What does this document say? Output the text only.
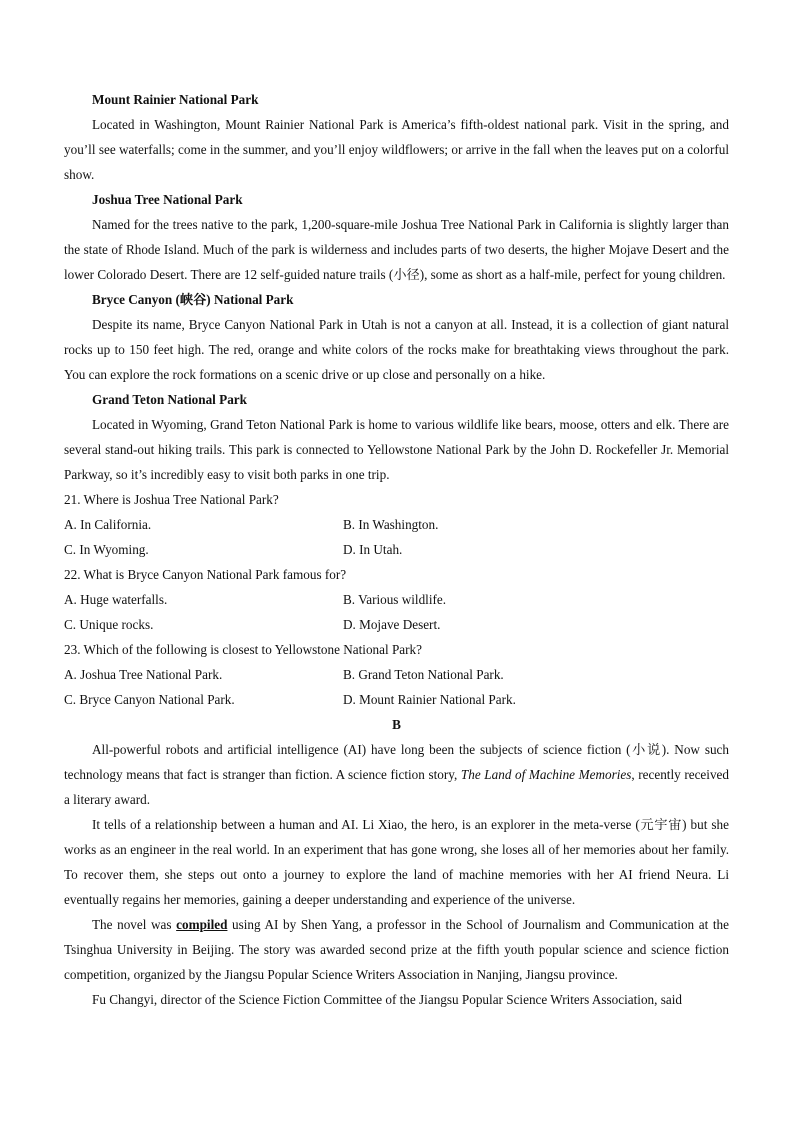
Mount Rainier National Park

Located in Washington, Mount Rainier National Park is America’s fifth-oldest national park. Visit in the spring, and you’ll see waterfalls; come in the summer, and you’ll enjoy wildflowers; or arrive in the fall when the leaves put on a colorful show.

Joshua Tree National Park

Named for the trees native to the park, 1,200-square-mile Joshua Tree National Park in California is slightly larger than the state of Rhode Island. Much of the park is wilderness and includes parts of two deserts, the higher Mojave Desert and the lower Colorado Desert. There are 12 self-guided nature trails (小径), some as short as a half-mile, perfect for young children.

Bryce Canyon (峡谷) National Park

Despite its name, Bryce Canyon National Park in Utah is not a canyon at all. Instead, it is a collection of giant natural rocks up to 150 feet high. The red, orange and white colors of the rocks make for breathtaking views throughout the park. You can explore the rock formations on a scenic drive or up close and personally on a hike.

Grand Teton National Park

Located in Wyoming, Grand Teton National Park is home to various wildlife like bears, moose, otters and elk. There are several stand-out hiking trails. This park is connected to Yellowstone National Park by the John D. Rockefeller Jr. Memorial Parkway, so it’s incredibly easy to visit both parks in one trip.

21. Where is Joshua Tree National Park?

A. In California.	B. In Washington.
C. In Wyoming.	D. In Utah.

22. What is Bryce Canyon National Park famous for?

A. Huge waterfalls.	B. Various wildlife.
C. Unique rocks.	D. Mojave Desert.

23. Which of the following is closest to Yellowstone National Park?

A. Joshua Tree National Park.	B. Grand Teton National Park.
C. Bryce Canyon National Park.	D. Mount Rainier National Park.

B

All-powerful robots and artificial intelligence (AI) have long been the subjects of science fiction (小说). Now such technology means that fact is stranger than fiction. A science fiction story, The Land of Machine Memories, recently received a literary award.

It tells of a relationship between a human and AI. Li Xiao, the hero, is an explorer in the meta-verse (元宇宙) but she works as an engineer in the real world. In an experiment that has gone wrong, she loses all of her memories about her family. To recover them, she steps out onto a journey to explore the land of machine memories with her AI friend Neura. Li eventually regains her memories, gaining a deeper understanding and experience of the universe.

The novel was compiled using AI by Shen Yang, a professor in the School of Journalism and Communication at the Tsinghua University in Beijing. The story was awarded second prize at the fifth youth popular science and science fiction competition, organized by the Jiangsu Popular Science Writers Association in Nanjing, Jiangsu province.

Fu Changyi, director of the Science Fiction Committee of the Jiangsu Popular Science Writers Association, said
